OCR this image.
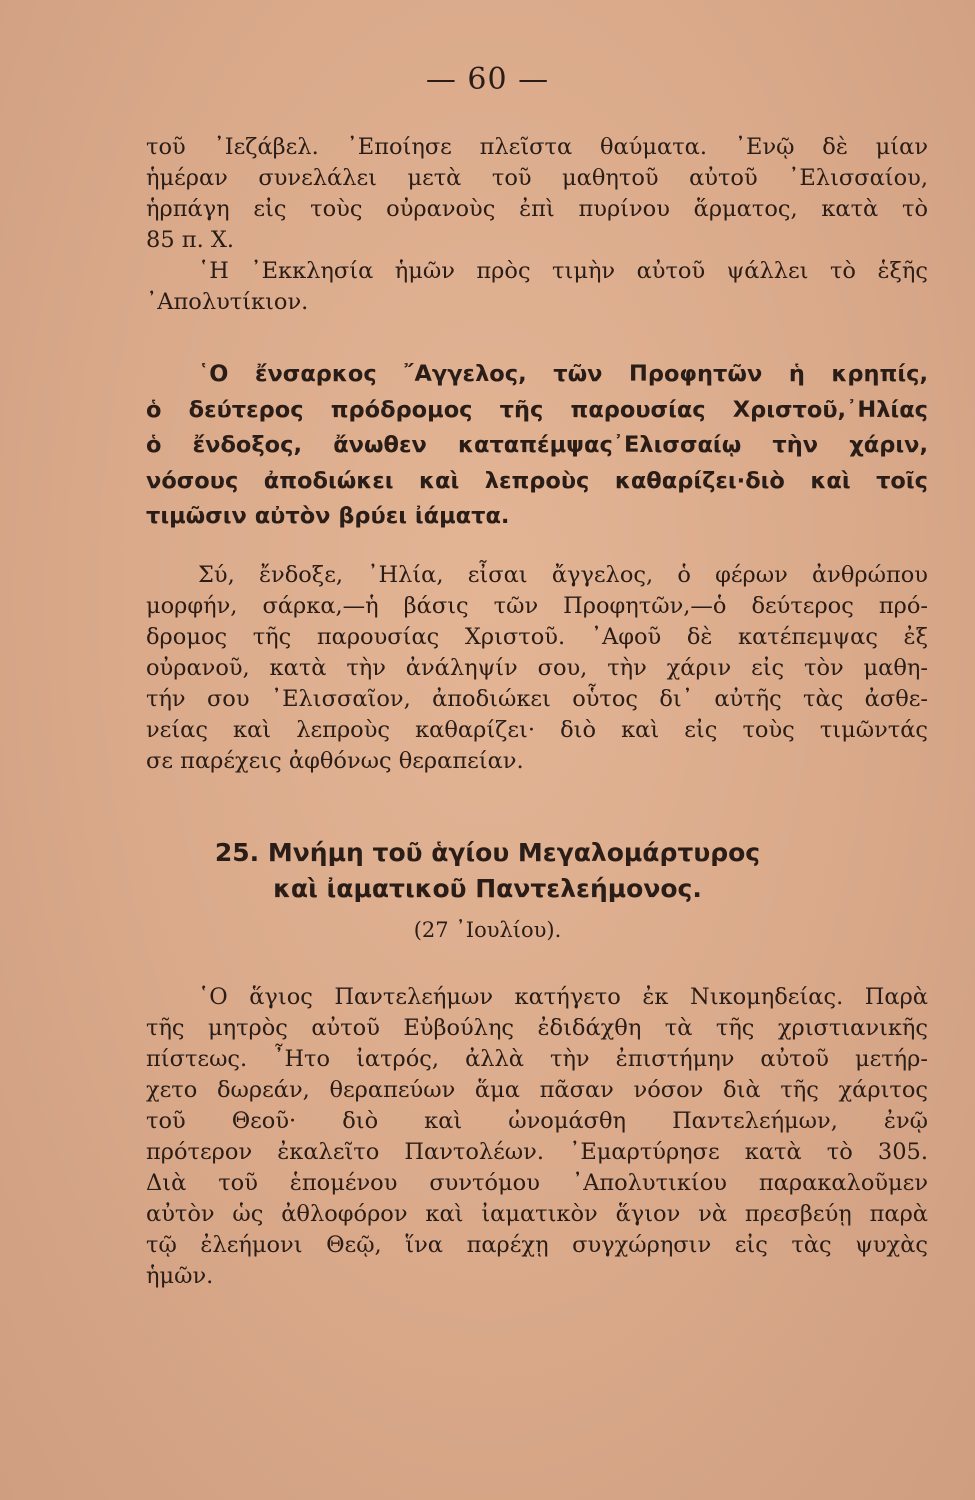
— 60 —
τοῦ ᾿Ιεζάβελ. ᾿Εποίησε πλεῖστα θαύματα. ᾿Ενῷ δὲ μίαν
ἡμέραν συνελάλει μετὰ τοῦ μαθητοῦ αὐτοῦ ᾿Ελισσαίου,
ἡρπάγη εἰς τοὺς οὐρανοὺς ἐπὶ πυρίνου ἅρματος, κατὰ τὸ
85 π. Χ.
῾Η ᾿Εκκλησία ἡμῶν πρὸς τιμὴν αὐτοῦ ψάλλει τὸ ἑξῆς
᾿Απολυτίκιον.
῾Ο ἔνσαρκος ῎Αγγελος, τῶν Προφητῶν ἡ κρηπίς,
ὁ δεύτερος πρόδρομος τῆς παρουσίας Χριστοῦ,᾿Ηλίας
ὁ ἔνδοξος, ἄνωθεν καταπέμψας᾿Ελισσαίῳ τὴν χάριν,
νόσους ἀποδιώκει καὶ λεπροὺς καθαρίζει·διὸ καὶ τοῖς
τιμῶσιν αὐτὸν βρύει ἰάματα.
Σύ, ἔνδοξε, ᾿Ηλία, εἶσαι ἄγγελος, ὁ φέρων ἀνθρώπου
μορφήν, σάρκα,—ἡ βάσις τῶν Προφητῶν,—ὁ δεύτερος πρό-
δρομος τῆς παρουσίας Χριστοῦ. ᾿Αφοῦ δὲ κατέπεμψας ἐξ
οὐρανοῦ, κατὰ τὴν ἀνάληψίν σου, τὴν χάριν εἰς τὸν μαθη-
τήν σου ᾿Ελισσαῖον, ἀποδιώκει οὗτος δι᾿ αὐτῆς τὰς ἀσθε-
νείας καὶ λεπροὺς καθαρίζει· διὸ καὶ εἰς τοὺς τιμῶντάς
σε παρέχεις ἀφθόνως θεραπείαν.
25. Μνήμη τοῦ ἁγίου Μεγαλομάρτυρος
καὶ ἰαματικοῦ Παντελεήμονος.
(27 ᾿Ιουλίου).
῾Ο ἅγιος Παντελεήμων κατήγετο ἐκ Νικομηδείας. Παρὰ
τῆς μητρὸς αὐτοῦ Εὐβούλης ἐδιδάχθη τὰ τῆς χριστιανικῆς
πίστεως. ῏Ητο ἰατρός, ἀλλὰ τὴν ἐπιστήμην αὐτοῦ μετήρ-
χετο δωρεάν, θεραπεύων ἅμα πᾶσαν νόσον διὰ τῆς χάριτος
τοῦ Θεοῦ· διὸ καὶ ὠνομάσθη Παντελεήμων, ἐνῷ
πρότερον ἐκαλεῖτο Παντολέων. ᾿Εμαρτύρησε κατὰ τὸ 305.
Διὰ τοῦ ἑπομένου συντόμου ᾿Απολυτικίου παρακαλοῦμεν
αὐτὸν ὡς ἀθλοφόρον καὶ ἰαματικὸν ἅγιον νὰ πρεσβεύῃ παρὰ
τῷ ἐλεήμονι Θεῷ, ἵνα παρέχῃ συγχώρησιν εἰς τὰς ψυχὰς
ἡμῶν.
